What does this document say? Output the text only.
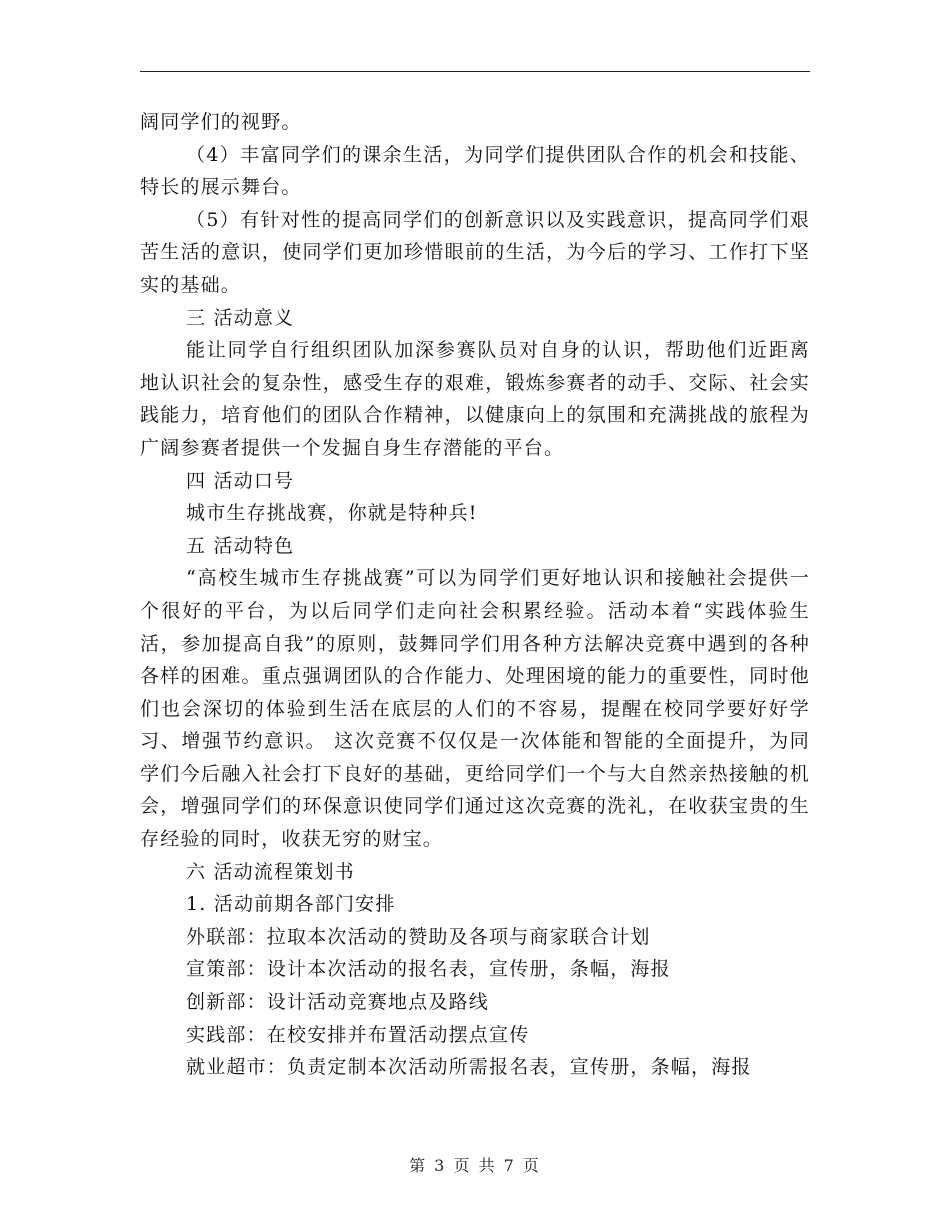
阔同学们的视野。

（4）丰富同学们的课余生活，为同学们提供团队合作的机会和技能、特长的展示舞台。

（5）有针对性的提高同学们的创新意识以及实践意识，提高同学们艰苦生活的意识，使同学们更加珍惜眼前的生活，为今后的学习、工作打下坚实的基础。

三 活动意义

能让同学自行组织团队加深参赛队员对自身的认识，帮助他们近距离地认识社会的复杂性，感受生存的艰难，锻炼参赛者的动手、交际、社会实践能力，培育他们的团队合作精神，以健康向上的氛围和充满挑战的旅程为广阔参赛者提供一个发掘自身生存潜能的平台。

四 活动口号

城市生存挑战赛，你就是特种兵!

五 活动特色

“高校生城市生存挑战赛”可以为同学们更好地认识和接触社会提供一个很好的平台，为以后同学们走向社会积累经验。活动本着“实践体验生活，参加提高自我”的原则，鼓舞同学们用各种方法解决竞赛中遇到的各种各样的困难。重点强调团队的合作能力、处理困境的能力的重要性，同时他们也会深切的体验到生活在底层的人们的不容易，提醒在校同学要好好学习、增强节约意识。 这次竞赛不仅仅是一次体能和智能的全面提升，为同学们今后融入社会打下良好的基础，更给同学们一个与大自然亲热接触的机会，增强同学们的环保意识使同学们通过这次竞赛的洗礼，在收获宝贵的生存经验的同时，收获无穷的财宝。

六 活动流程策划书

1. 活动前期各部门安排

外联部：拉取本次活动的赞助及各项与商家联合计划

宣策部：设计本次活动的报名表，宣传册，条幅，海报

创新部：设计活动竞赛地点及路线

实践部：在校安排并布置活动摆点宣传

就业超市：负责定制本次活动所需报名表，宣传册，条幅，海报

第 3 页 共 7 页
